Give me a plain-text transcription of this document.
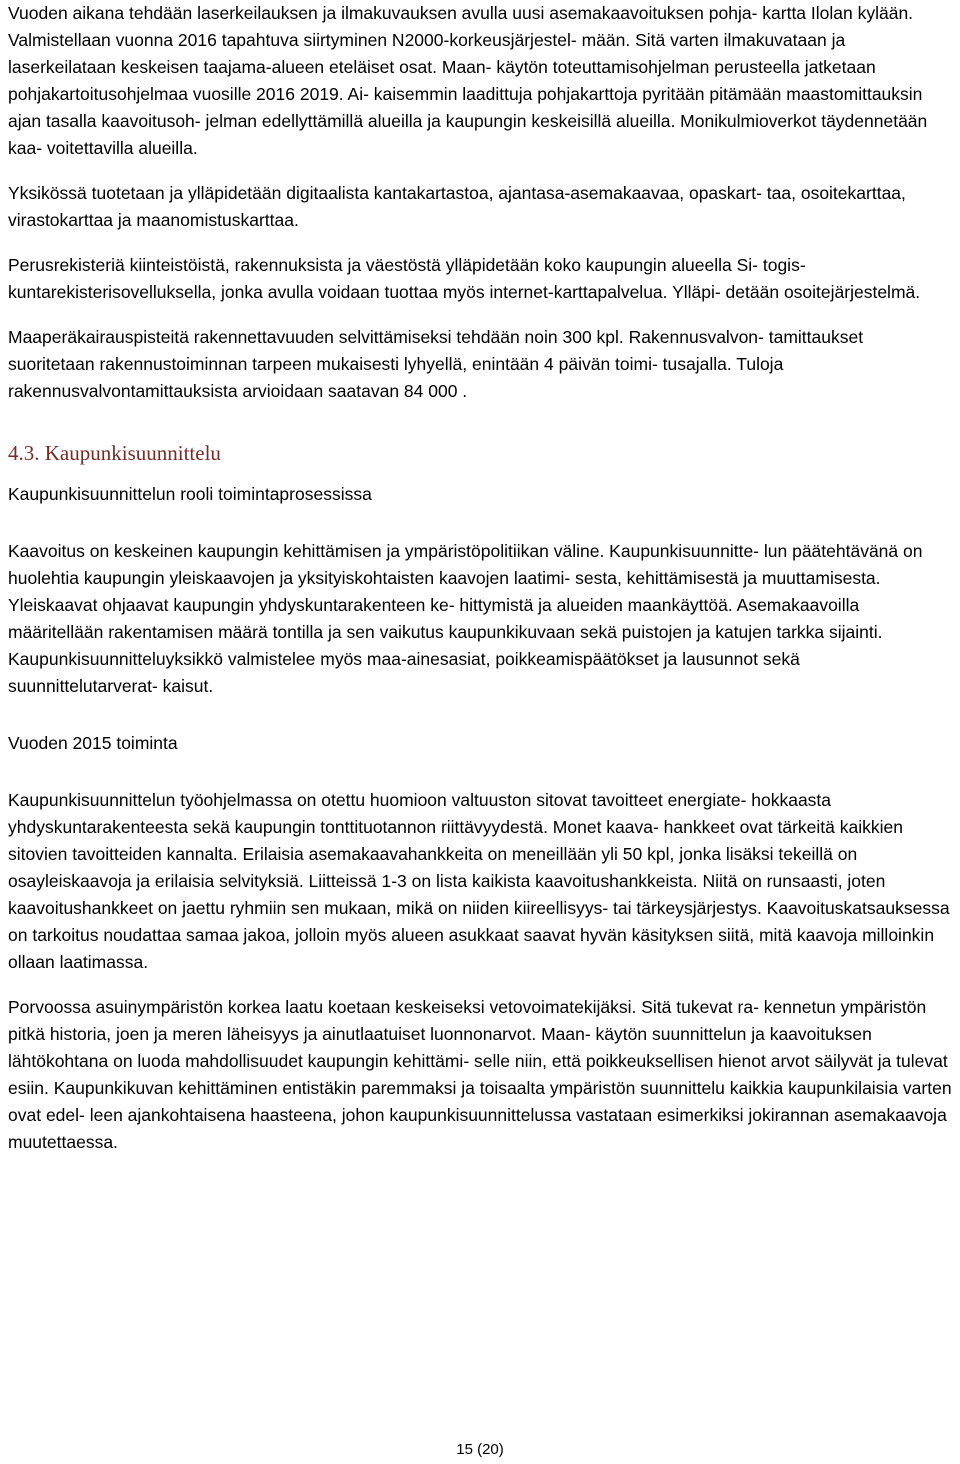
Vuoden aikana tehdään laserkeilauksen ja ilmakuvauksen avulla uusi asemakaavoituksen pohja- kartta Ilolan kylään. Valmistellaan vuonna 2016 tapahtuva siirtyminen N2000-korkeusjärjestel- mään. Sitä varten ilmakuvataan ja laserkeilataan keskeisen taajama-alueen eteläiset osat. Maan- käytön toteuttamisohjelman perusteella jatketaan pohjakartoitusohjelmaa vuosille 2016 2019. Ai- kaisemmin laadittuja pohjakarttoja pyritään pitämään maastomittauksin ajan tasalla kaavoitusoh- jelman edellyttämillä alueilla ja kaupungin keskeisillä alueilla. Monikulmioverkot täydennetään kaa- voitettavilla alueilla.

Yksikössä tuotetaan ja ylläpidetään digitaalista kantakartastoa, ajantasa-asemakaavaa, opaskart- taa, osoitekarttaa, virastokarttaa ja maanomistuskarttaa.

Perusrekisteriä kiinteistöistä, rakennuksista ja väestöstä ylläpidetään koko kaupungin alueella Si- togis-kuntarekisterisovelluksella, jonka avulla voidaan tuottaa myös internet-karttapalvelua. Ylläpi- detään osoitejärjestelmä.

Maaperäkairauspisteitä rakennettavuuden selvittämiseksi tehdään noin 300 kpl. Rakennusvalvon- tamittaukset suoritetaan rakennustoiminnan tarpeen mukaisesti lyhyellä, enintään 4 päivän toimi- tusajalla. Tuloja rakennusvalvontamittauksista arvioidaan saatavan 84 000 .

4.3. Kaupunkisuunnittelu

Kaupunkisuunnittelun rooli toimintaprosessissa

Kaavoitus on keskeinen kaupungin kehittämisen ja ympäristöpolitiikan väline. Kaupunkisuunnitte- lun päätehtävänä on huolehtia kaupungin yleiskaavojen ja yksityiskohtaisten kaavojen laatimi- sesta, kehittämisestä ja muuttamisesta. Yleiskaavat ohjaavat kaupungin yhdyskuntarakenteen ke- hittymistä ja alueiden maankäyttöä. Asemakaavoilla määritellään rakentamisen määrä tontilla ja sen vaikutus kaupunkikuvaan sekä puistojen ja katujen tarkka sijainti. Kaupunkisuunnitteluyksikkö valmistelee myös maa-ainesasiat, poikkeamispäätökset ja lausunnot sekä suunnittelutarverat- kaisut.

Vuoden 2015 toiminta

Kaupunkisuunnittelun työohjelmassa on otettu huomioon valtuuston sitovat tavoitteet energiate- hokkaasta yhdyskuntarakenteesta sekä kaupungin tonttituotannon riittävyydestä. Monet kaava- hankkeet ovat tärkeitä kaikkien sitovien tavoitteiden kannalta. Erilaisia asemakaavahankkeita on meneillään yli 50 kpl, jonka lisäksi tekeillä on osayleiskaavoja ja erilaisia selvityksiä. Liitteissä 1-3 on lista kaikista kaavoitushankkeista. Niitä on runsaasti, joten kaavoitushankkeet on jaettu ryhmiin sen mukaan, mikä on niiden kiireellisyys- tai tärkeysjärjestys. Kaavoituskatsauksessa on tarkoitus noudattaa samaa jakoa, jolloin myös alueen asukkaat saavat hyvän käsityksen siitä, mitä kaavoja milloinkin ollaan laatimassa.

Porvoossa asuinympäristön korkea laatu koetaan keskeiseksi vetovoimatekijäksi. Sitä tukevat ra- kennetun ympäristön pitkä historia, joen ja meren läheisyys ja ainutlaatuiset luonnonarvot. Maan- käytön suunnittelun ja kaavoituksen lähtökohtana on luoda mahdollisuudet kaupungin kehittämi- selle niin, että poikkeuksellisen hienot arvot säilyvät ja tulevat esiin. Kaupunkikuvan kehittäminen entistäkin paremmaksi ja toisaalta ympäristön suunnittelu kaikkia kaupunkilaisia varten ovat edel- leen ajankohtaisena haasteena, johon kaupunkisuunnittelussa vastataan esimerkiksi jokirannan asemakaavoja muutettaessa.

15 (20)
